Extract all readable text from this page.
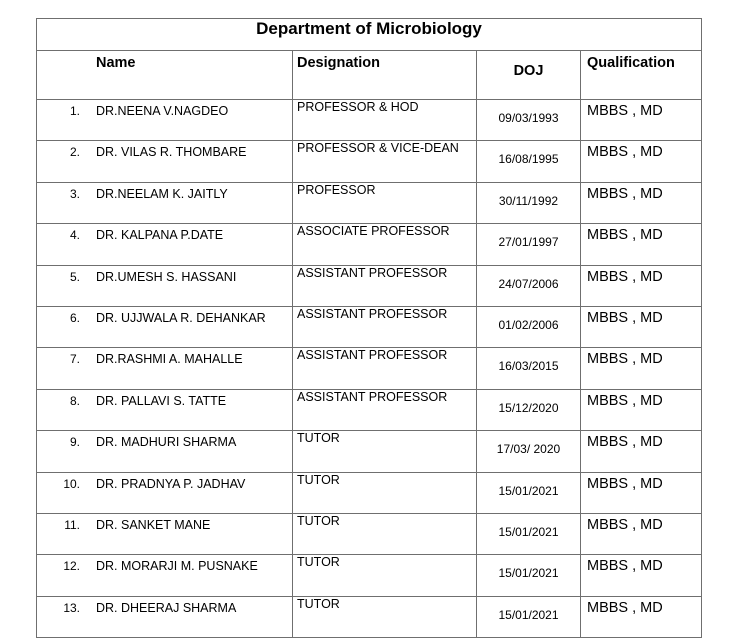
Department of Microbiology			
Name	Designation	DOJ	Qualification

1. DR.NEENA V.NAGDEO	PROFESSOR & HOD	09/03/1993	MBBS , MD

2. DR. VILAS R. THOMBARE	PROFESSOR & VICE-DEAN	16/08/1995	MBBS , MD

3. DR.NEELAM K. JAITLY	PROFESSOR	30/11/1992	MBBS , MD

4. DR. KALPANA P.DATE	ASSOCIATE PROFESSOR	27/01/1997	MBBS , MD

5. DR.UMESH S. HASSANI	ASSISTANT PROFESSOR	24/07/2006	MBBS , MD

6. DR. UJJWALA R. DEHANKAR	ASSISTANT PROFESSOR	01/02/2006	MBBS , MD

7. DR.RASHMI A. MAHALLE	ASSISTANT PROFESSOR	16/03/2015	MBBS , MD

8. DR. PALLAVI S. TATTE	ASSISTANT PROFESSOR	15/12/2020	MBBS , MD

9. DR. MADHURI SHARMA	TUTOR	17/03/ 2020	MBBS , MD

10. DR. PRADNYA P. JADHAV	TUTOR	15/01/2021	MBBS , MD

11. DR. SANKET MANE	TUTOR	15/01/2021	MBBS , MD

12. DR. MORARJI M. PUSNAKE	TUTOR	15/01/2021	MBBS , MD

13. DR. DHEERAJ SHARMA	TUTOR	15/01/2021	MBBS , MD
